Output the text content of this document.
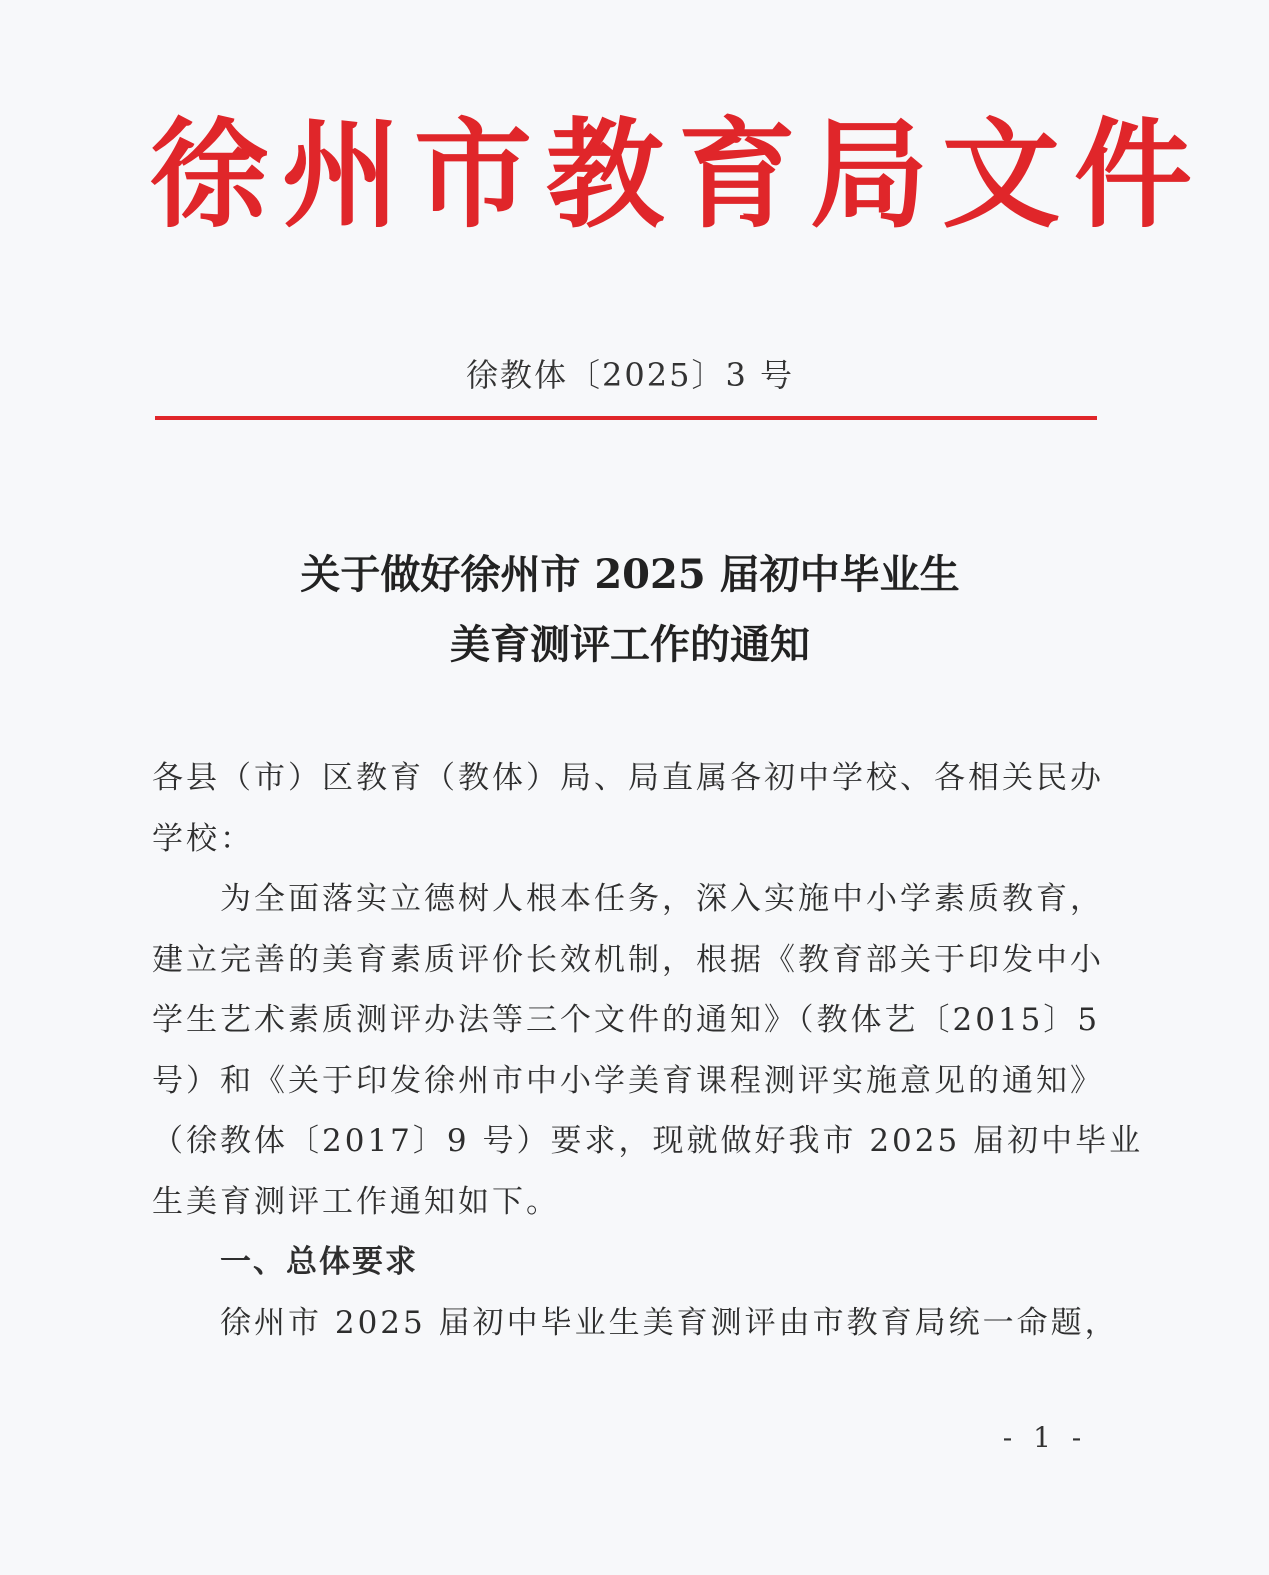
徐州市教育局文件
徐教体〔2025〕3 号
关于做好徐州市 2025 届初中毕业生
美育测评工作的通知

各县（市）区教育（教体）局、局直属各初中学校、各相关民办

学校：

为全面落实立德树人根本任务，深入实施中小学素质教育，

建立完善的美育素质评价长效机制，根据《教育部关于印发中小

学生艺术素质测评办法等三个文件的通知》（教体艺〔2015〕5

号）和《关于印发徐州市中小学美育课程测评实施意见的通知》

（徐教体〔2017〕9 号）要求，现就做好我市 2025 届初中毕业

生美育测评工作通知如下。

一、总体要求

徐州市 2025 届初中毕业生美育测评由市教育局统一命题，

- 1 -
